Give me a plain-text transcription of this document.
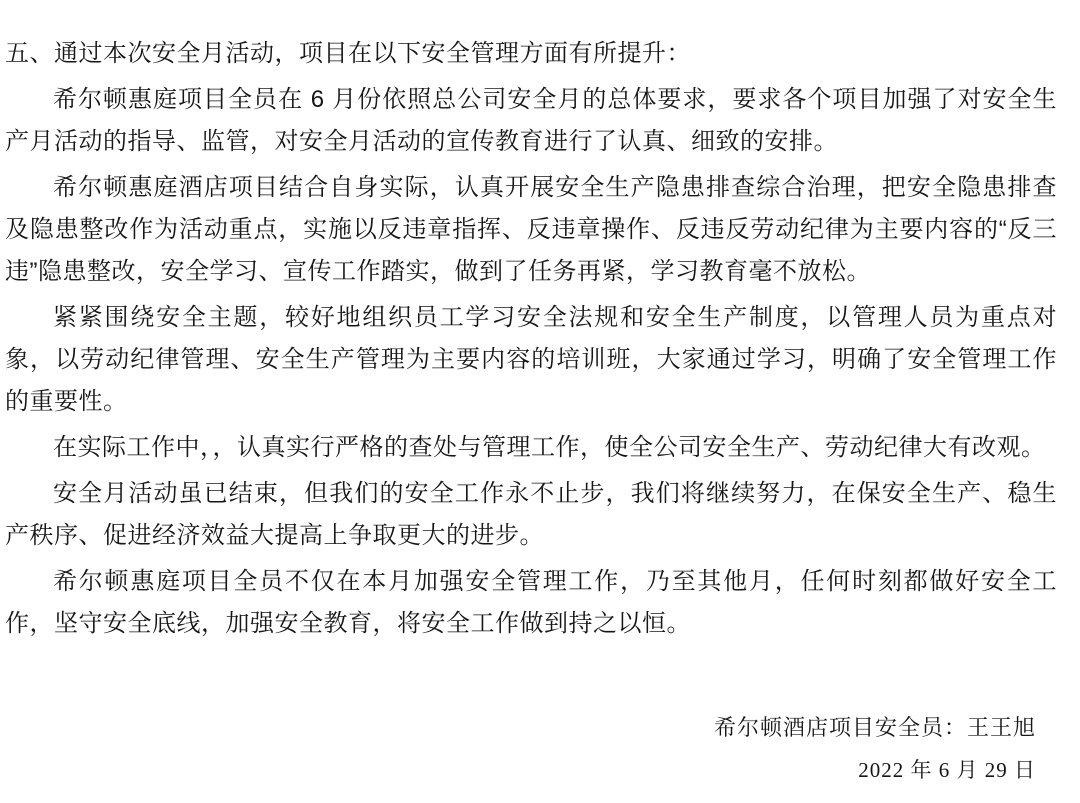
五、通过本次安全月活动，项目在以下安全管理方面有所提升：

希尔顿惠庭项目全员在 6 月份依照总公司安全月的总体要求，要求各个项目加强了对安全生产月活动的指导、监管，对安全月活动的宣传教育进行了认真、细致的安排。

希尔顿惠庭酒店项目结合自身实际，认真开展安全生产隐患排查综合治理，把安全隐患排查及隐患整改作为活动重点，实施以反违章指挥、反违章操作、反违反劳动纪律为主要内容的“反三违”隐患整改，安全学习、宣传工作踏实，做到了任务再紧，学习教育毫不放松。

紧紧围绕安全主题，较好地组织员工学习安全法规和安全生产制度，以管理人员为重点对象，以劳动纪律管理、安全生产管理为主要内容的培训班，大家通过学习，明确了安全管理工作的重要性。

在实际工作中，，认真实行严格的查处与管理工作，使全公司安全生产、劳动纪律大有改观。

安全月活动虽已结束，但我们的安全工作永不止步，我们将继续努力，在保安全生产、稳生产秩序、促进经济效益大提高上争取更大的进步。

希尔顿惠庭项目全员不仅在本月加强安全管理工作，乃至其他月，任何时刻都做好安全工作，坚守安全底线，加强安全教育，将安全工作做到持之以恒。

希尔顿酒店项目安全员：王王旭

2022 年 6 月 29 日
